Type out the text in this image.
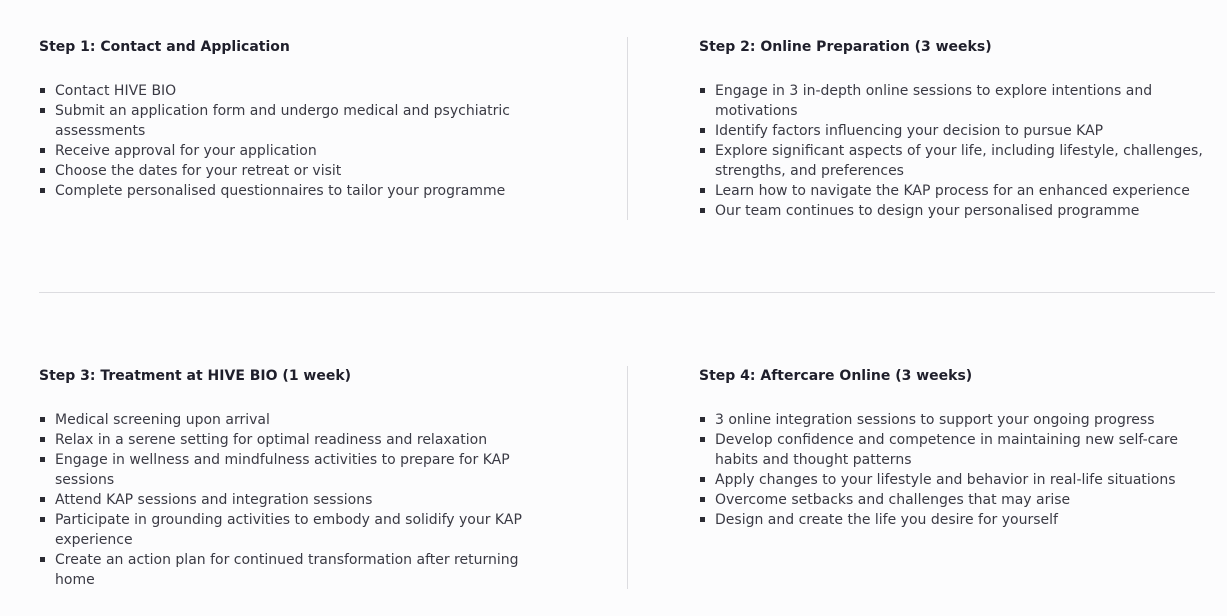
Step 1: Contact and Application
Contact HIVE BIO
Submit an application form and undergo medical and psychiatric assessments
Receive approval for your application
Choose the dates for your retreat or visit
Complete personalised questionnaires to tailor your programme
Step 2: Online Preparation (3 weeks)
Engage in 3 in-depth online sessions to explore intentions and motivations
Identify factors influencing your decision to pursue KAP
Explore significant aspects of your life, including lifestyle, challenges, strengths, and preferences
Learn how to navigate the KAP process for an enhanced experience
Our team continues to design your personalised programme
Step 3: Treatment at HIVE BIO (1 week)
Medical screening upon arrival
Relax in a serene setting for optimal readiness and relaxation
Engage in wellness and mindfulness activities to prepare for KAP sessions
Attend KAP sessions and integration sessions
Participate in grounding activities to embody and solidify your KAP experience
Create an action plan for continued transformation after returning home
Step 4: Aftercare Online (3 weeks)
3 online integration sessions to support your ongoing progress
Develop confidence and competence in maintaining new self-care habits and thought patterns
Apply changes to your lifestyle and behavior in real-life situations
Overcome setbacks and challenges that may arise
Design and create the life you desire for yourself
